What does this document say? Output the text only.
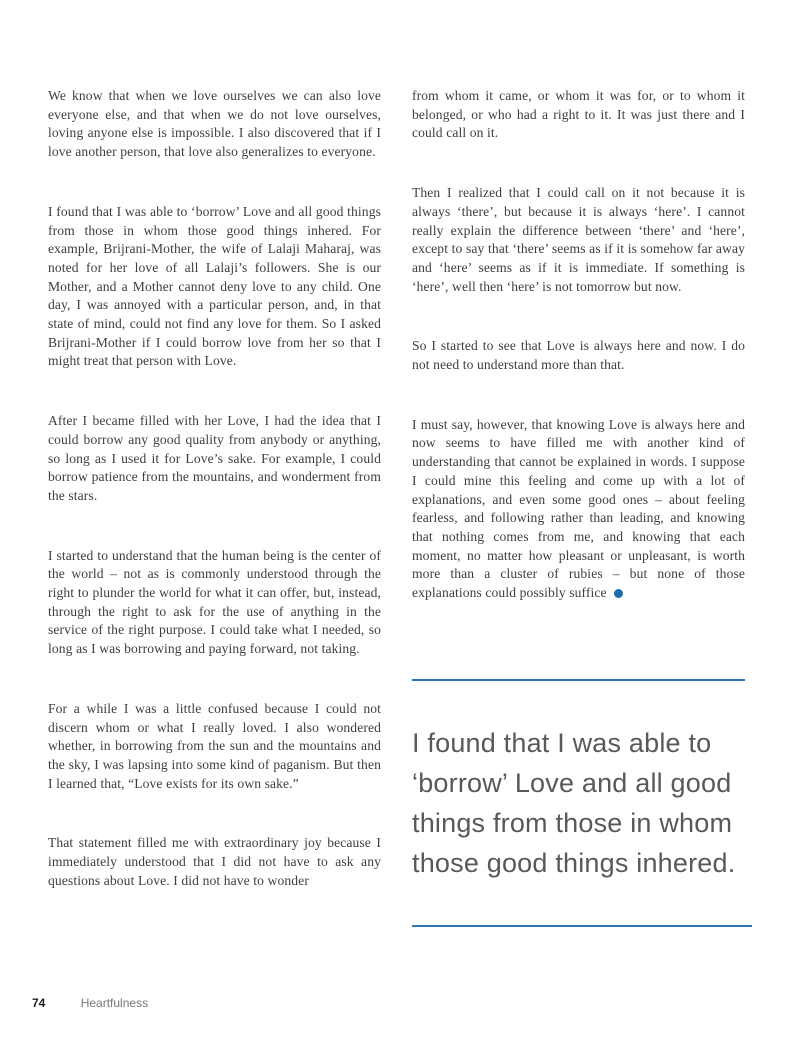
We know that when we love ourselves we can also love everyone else, and that when we do not love ourselves, loving anyone else is impossible. I also discovered that if I love another person, that love also generalizes to everyone.

I found that I was able to ‘borrow’ Love and all good things from those in whom those good things inhered. For example, Brijrani-Mother, the wife of Lalaji Maharaj, was noted for her love of all Lalaji’s followers. She is our Mother, and a Mother cannot deny love to any child. One day, I was annoyed with a particular person, and, in that state of mind, could not find any love for them. So I asked Brijrani-Mother if I could borrow love from her so that I might treat that person with Love.

After I became filled with her Love, I had the idea that I could borrow any good quality from anybody or anything, so long as I used it for Love’s sake. For example, I could borrow patience from the mountains, and wonderment from the stars.

I started to understand that the human being is the center of the world – not as is commonly understood through the right to plunder the world for what it can offer, but, instead, through the right to ask for the use of anything in the service of the right purpose. I could take what I needed, so long as I was borrowing and paying forward, not taking.

For a while I was a little confused because I could not discern whom or what I really loved. I also wondered whether, in borrowing from the sun and the mountains and the sky, I was lapsing into some kind of paganism. But then I learned that, “Love exists for its own sake.”

That statement filled me with extraordinary joy because I immediately understood that I did not have to ask any questions about Love. I did not have to wonder

from whom it came, or whom it was for, or to whom it belonged, or who had a right to it. It was just there and I could call on it.

Then I realized that I could call on it not because it is always ‘there’, but because it is always ‘here’. I cannot really explain the difference between ‘there’ and ‘here’, except to say that ‘there’ seems as if it is somehow far away and ‘here’ seems as if it is immediate. If something is ‘here’, well then ‘here’ is not tomorrow but now.

So I started to see that Love is always here and now. I do not need to understand more than that.

I must say, however, that knowing Love is always here and now seems to have filled me with another kind of understanding that cannot be explained in words. I suppose I could mine this feeling and come up with a lot of explanations, and even some good ones – about feeling fearless, and following rather than leading, and knowing that nothing comes from me, and knowing that each moment, no matter how pleasant or unpleasant, is worth more than a cluster of rubies – but none of those explanations could possibly suffice

I found that I was able to ‘borrow’ Love and all good things from those in whom those good things inhered.
74	Heartfulness
